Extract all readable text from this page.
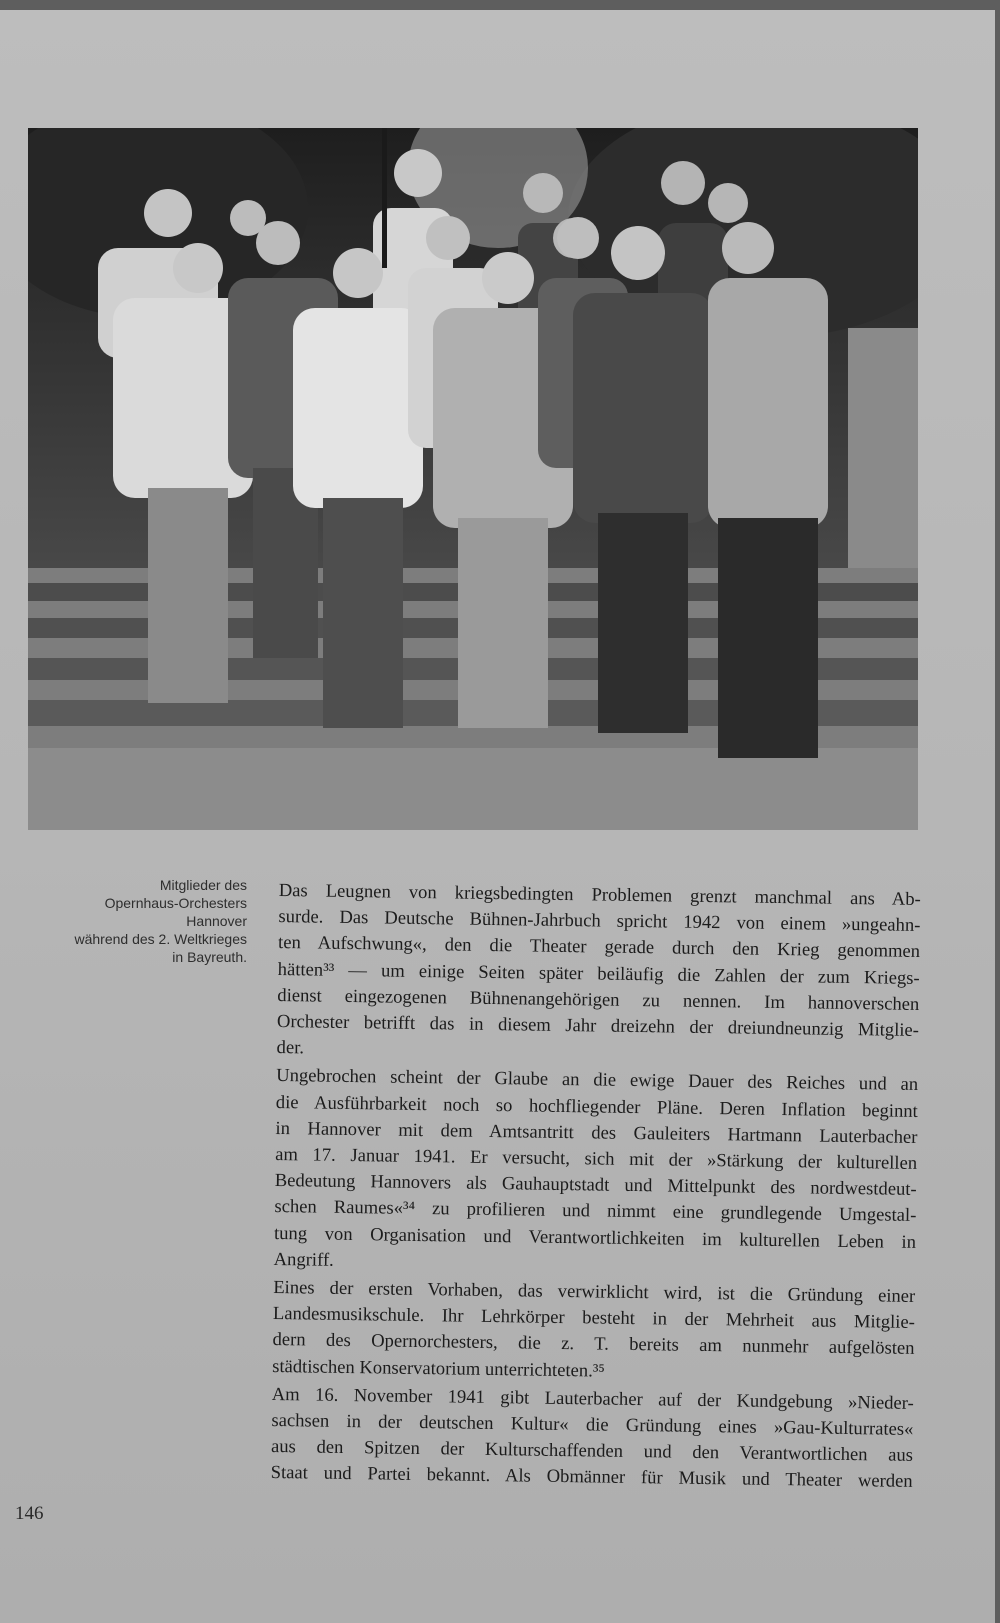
Mitglieder des
Opernhaus-Orchesters
Hannover
während des 2. Weltkrieges
in Bayreuth.

Das Leugnen von kriegsbedingten Problemen grenzt manchmal ans Ab-
surde. Das Deutsche Bühnen-Jahrbuch spricht 1942 von einem »ungeahn-
ten Aufschwung«, den die Theater gerade durch den Krieg genommen
hätten³³ — um einige Seiten später beiläufig die Zahlen der zum Kriegs-
dienst eingezogenen Bühnenangehörigen zu nennen. Im hannoverschen
Orchester betrifft das in diesem Jahr dreizehn der dreiundneunzig Mitglie-
der.

Ungebrochen scheint der Glaube an die ewige Dauer des Reiches und an
die Ausführbarkeit noch so hochfliegender Pläne. Deren Inflation beginnt
in Hannover mit dem Amtsantritt des Gauleiters Hartmann Lauterbacher
am 17. Januar 1941. Er versucht, sich mit der »Stärkung der kulturellen
Bedeutung Hannovers als Gauhauptstadt und Mittelpunkt des nordwestdeut-
schen Raumes«³⁴ zu profilieren und nimmt eine grundlegende Umgestal-
tung von Organisation und Verantwortlichkeiten im kulturellen Leben in
Angriff.

Eines der ersten Vorhaben, das verwirklicht wird, ist die Gründung einer
Landesmusikschule. Ihr Lehrkörper besteht in der Mehrheit aus Mitglie-
dern des Opernorchesters, die z. T. bereits am nunmehr aufgelösten
städtischen Konservatorium unterrichteten.³⁵

Am 16. November 1941 gibt Lauterbacher auf der Kundgebung »Nieder-
sachsen in der deutschen Kultur« die Gründung eines »Gau-Kulturrates«
aus den Spitzen der Kulturschaffenden und den Verantwortlichen aus
Staat und Partei bekannt. Als Obmänner für Musik und Theater werden

146
